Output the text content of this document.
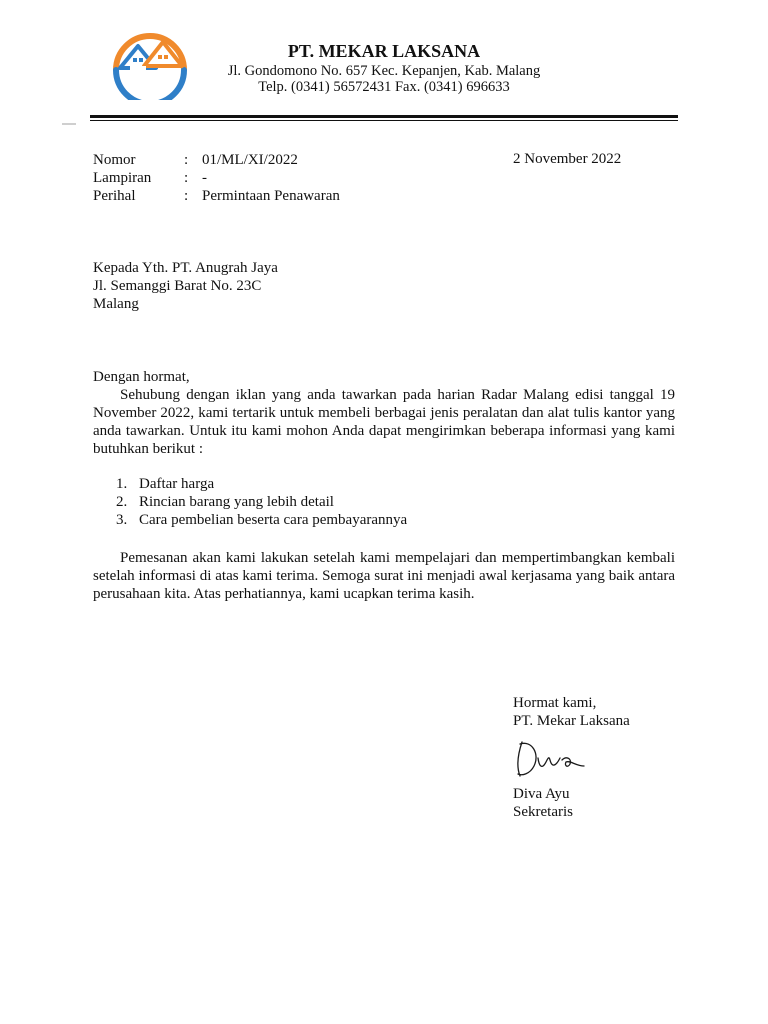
PT. MEKAR LAKSANA
Jl. Gondomono No. 657 Kec. Kepanjen, Kab. Malang
Telp. (0341) 56572431 Fax. (0341) 696633
Nomor	: 01/ML/XI/2022
Lampiran : -
Perihal	: Permintaan Penawaran
2 November 2022
Kepada Yth. PT. Anugrah Jaya
Jl. Semanggi Barat No. 23C
Malang
Dengan hormat,
Sehubung dengan iklan yang anda tawarkan pada harian Radar Malang edisi tanggal 19 November 2022, kami tertarik untuk membeli berbagai jenis peralatan dan alat tulis kantor yang anda tawarkan. Untuk itu kami mohon Anda dapat mengirimkan beberapa informasi yang kami butuhkan berikut :
1. Daftar harga
2. Rincian barang yang lebih detail
3. Cara pembelian beserta cara pembayarannya
Pemesanan akan kami lakukan setelah kami mempelajari dan mempertimbangkan kembali setelah informasi di atas kami terima. Semoga surat ini menjadi awal kerjasama yang baik antara perusahaan kita. Atas perhatiannya, kami ucapkan terima kasih.
Hormat kami,
PT. Mekar Laksana
Diva Ayu
Sekretaris
